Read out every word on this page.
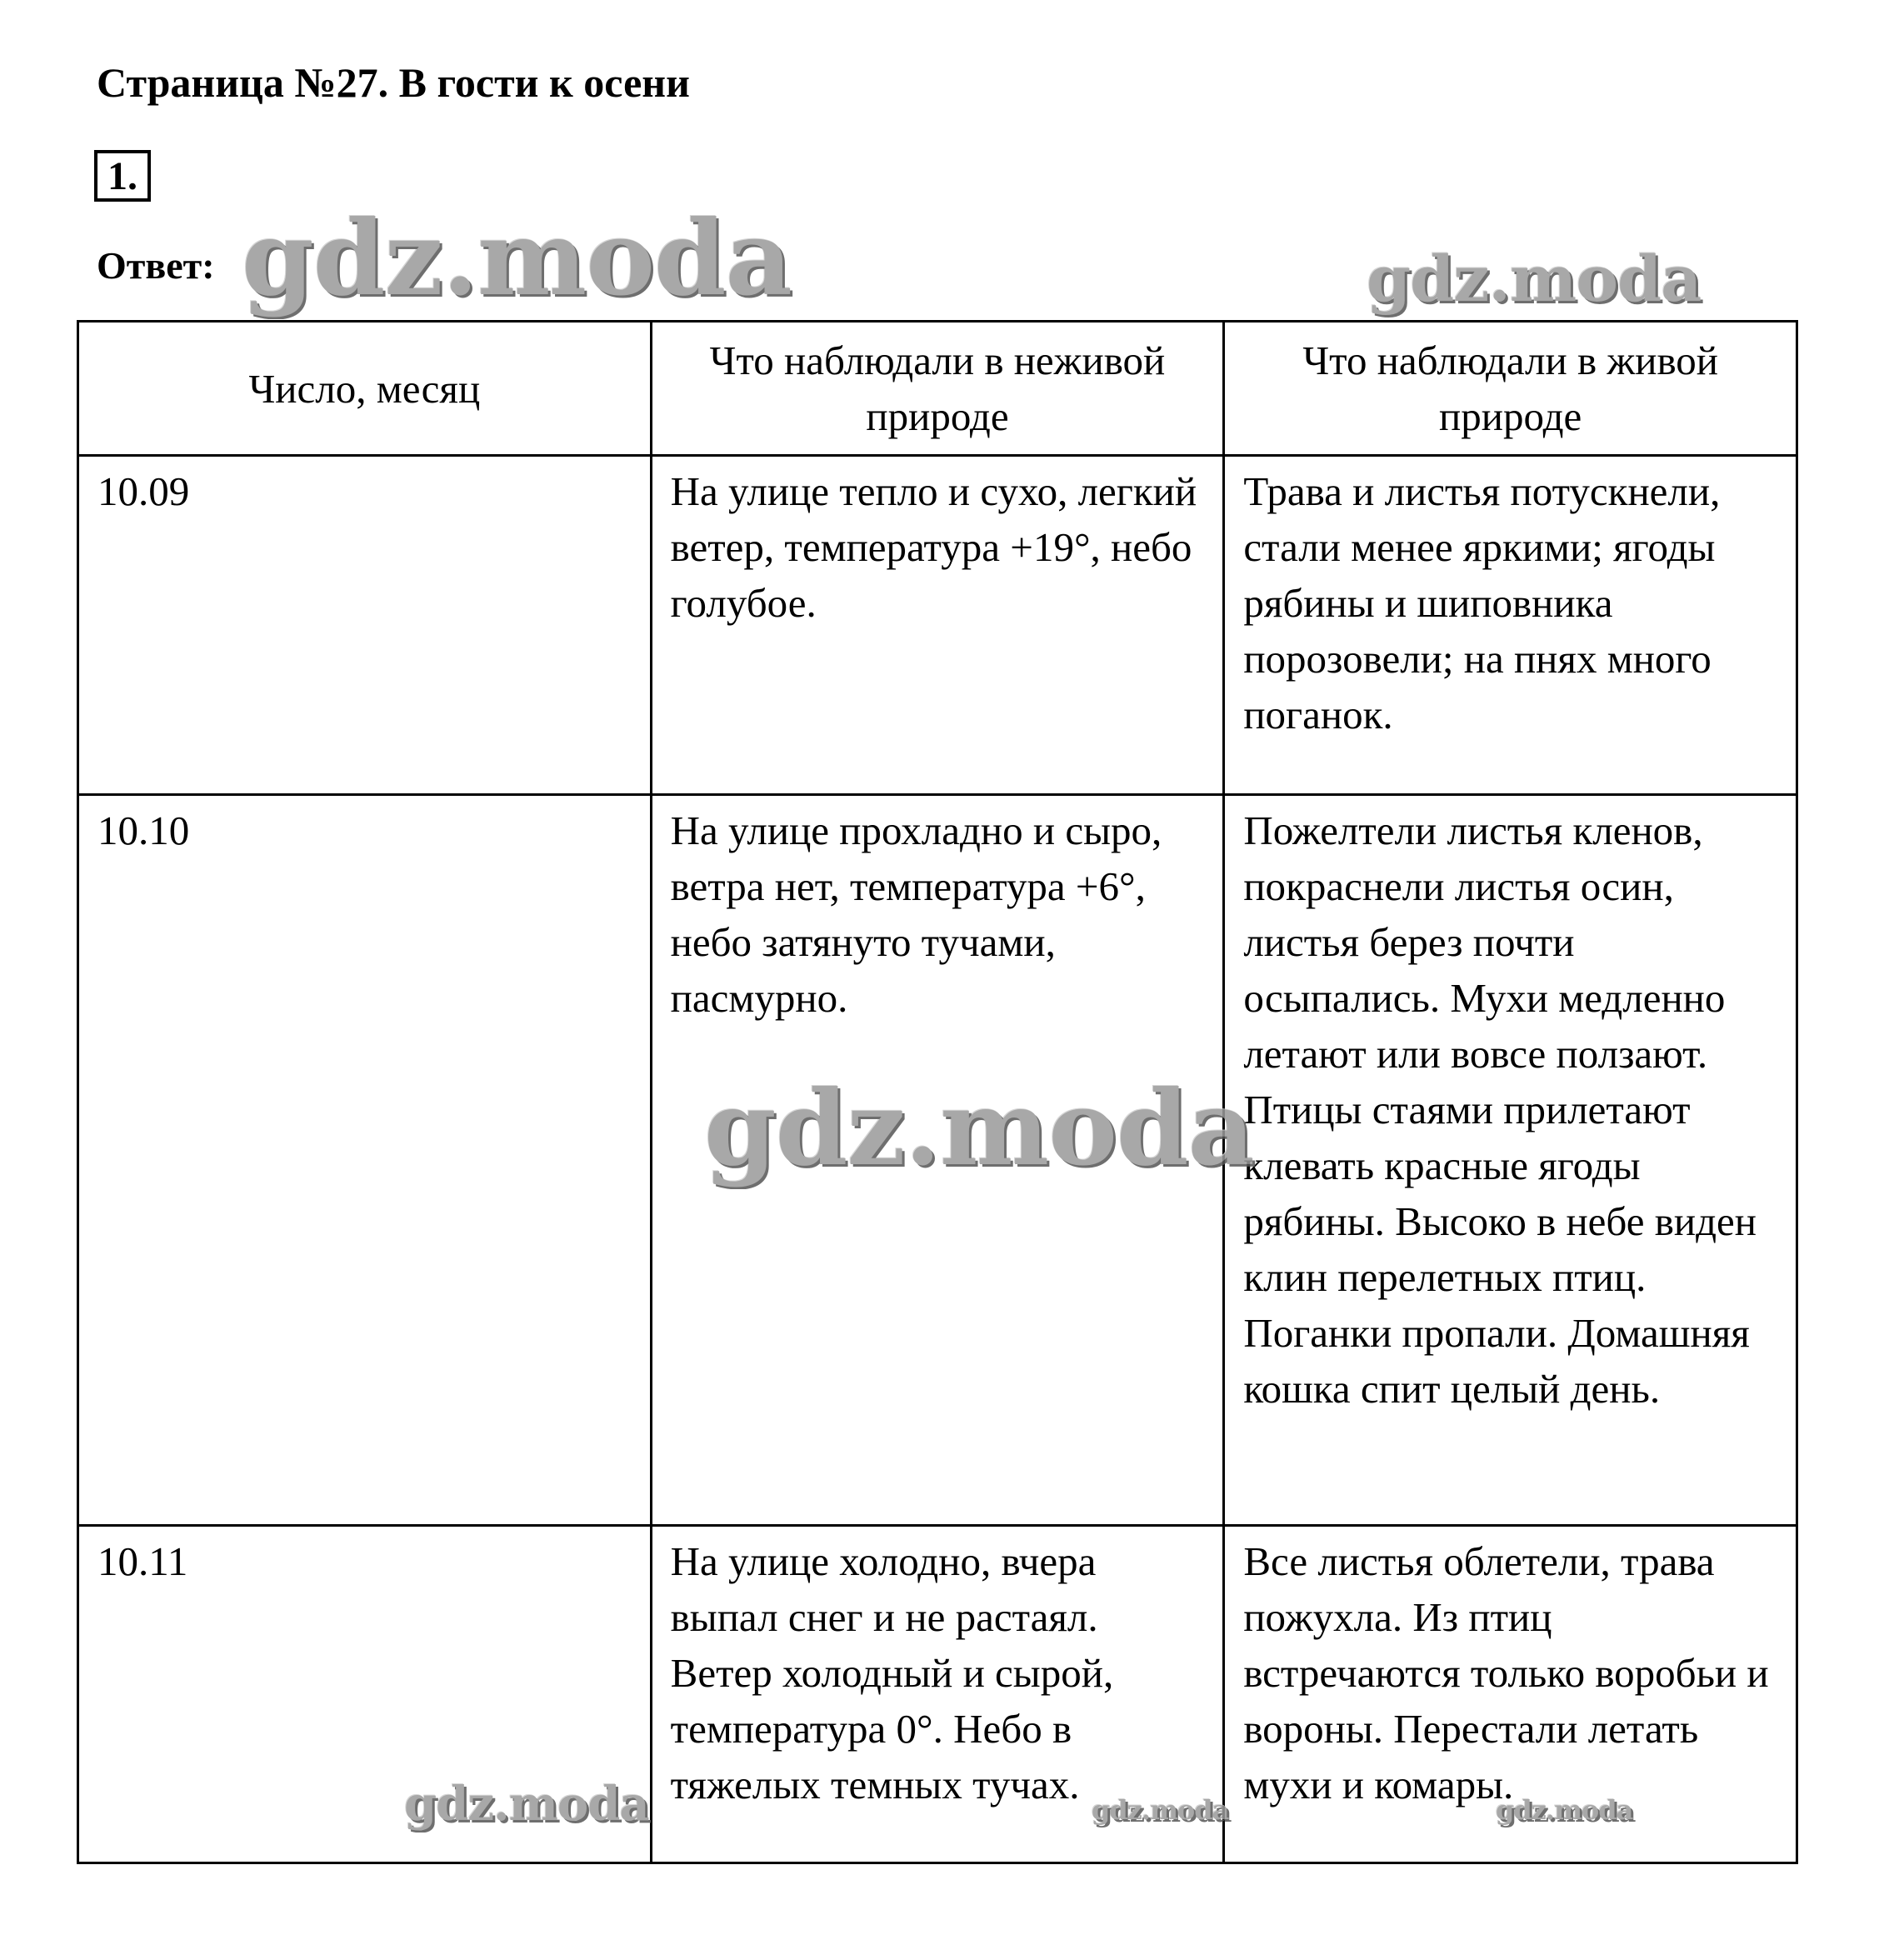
Страница №27. В гости к осени
1.
Ответ:
Число, месяц	Что наблюдали в неживой природе	Что наблюдали в живой природе
10.09	На улице тепло и сухо, легкий ветер, температура +19°, небо голубое.	Трава и листья потускнели, стали менее яркими; ягоды рябины и шиповника порозовели; на пнях много поганок.
10.10	На улице прохладно и сыро, ветра нет, температура +6°, небо затянуто тучами, пасмурно.	Пожелтели листья кленов, покраснели листья осин, листья берез почти осыпались. Мухи медленно летают или вовсе ползают. Птицы стаями прилетают клевать красные ягоды рябины. Высоко в небе виден клин перелетных птиц. Поганки пропали. Домашняя кошка спит целый день.
10.11	На улице холодно, вчера выпал снег и не растаял. Ветер холодный и сырой, температура 0°. Небо в тяжелых темных тучах.	Все листья облетели, трава пожухла. Из птиц встречаются только воробьи и вороны. Перестали летать мухи и комары.
gdz.moda	gdz.moda
gdz.moda
gdz.moda	gdz.moda	gdz.moda
